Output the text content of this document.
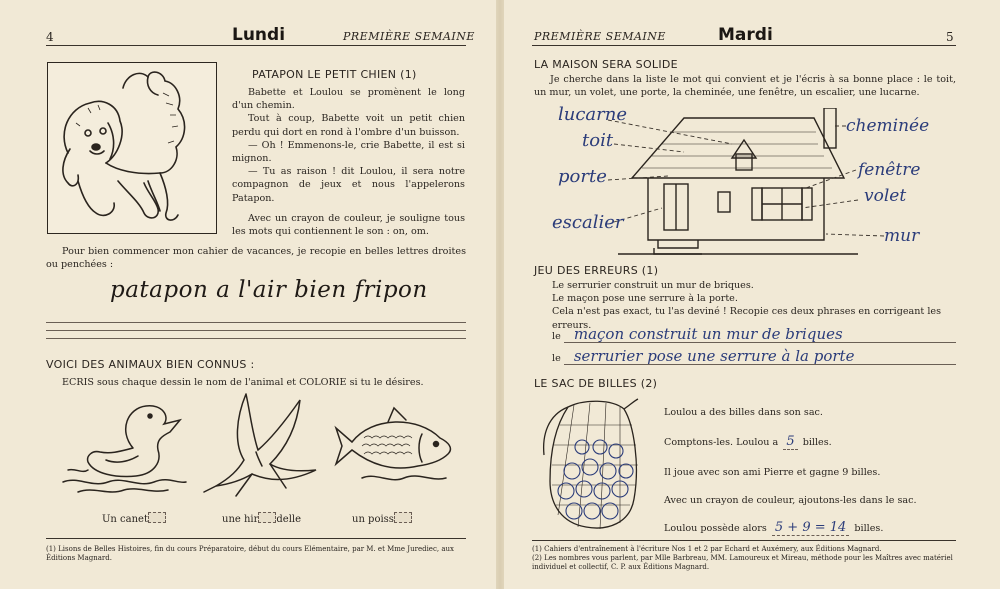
4	Lundi	PREMIÈRE SEMAINE
PATAPON LE PETIT CHIEN (1)

Babette et Loulou se promènent le long d'un chemin.

Tout à coup, Babette voit un petit chien perdu qui dort en rond à l'ombre d'un buisson.

— Oh ! Emmenons-le, crie Babette, il est si mignon.

— Tu as raison ! dit Loulou, il sera notre compagnon de jeux et nous l'appelerons Patapon.

Avec un crayon de couleur, je souligne tous les mots qui contiennent le son : on, om.

Pour bien commencer mon cahier de vacances, je recopie en belles lettres droites ou penchées :

patapon a l'air bien fripon
VOICI DES ANIMAUX BIEN CONNUS :

ECRIS sous chaque dessin le nom de l'animal et COLORIE si tu le désires.

Un canet	une hir delle	un poiss

(1) Lisons de Belles Histoires, fin du cours Préparatoire, début du cours Elémentaire, par M. et Mme Jurediec, aux Éditions Magnard.

PREMIÈRE SEMAINE	Mardi	5
LA MAISON SERA SOLIDE

Je cherche dans la liste le mot qui convient et je l'écris à sa bonne place : le toit, un mur, un volet, une porte, la cheminée, une fenêtre, un escalier, une lucarne.

lucarne
toit
porte
escalier
cheminée
fenêtre
volet
mur
JEU DES ERREURS (1)

Le serrurier construit un mur de briques.

Le maçon pose une serrure à la porte.

Cela n'est pas exact, tu l'as deviné ! Recopie ces deux phrases en corrigeant les erreurs.

le maçon construit un mur de briques
le serrurier pose une serrure à la porte
LE SAC DE BILLES (2)
Loulou a des billes dans son sac.
Comptons-les. Loulou a 5 billes.
Il joue avec son ami Pierre et gagne 9 billes.
Avec un crayon de couleur, ajoutons-les dans le sac.
Loulou possède alors 5 + 9 = 14 billes.

(1) Cahiers d'entraînement à l'écriture Nos 1 et 2 par Echard et Auxémery, aux Éditions Magnard.

(2) Les nombres vous parlent, par Mlle Barbreau, MM. Lamoureux et Mireau, méthode pour les Maîtres avec matériel individuel et collectif, C. P. aux Éditions Magnard.
